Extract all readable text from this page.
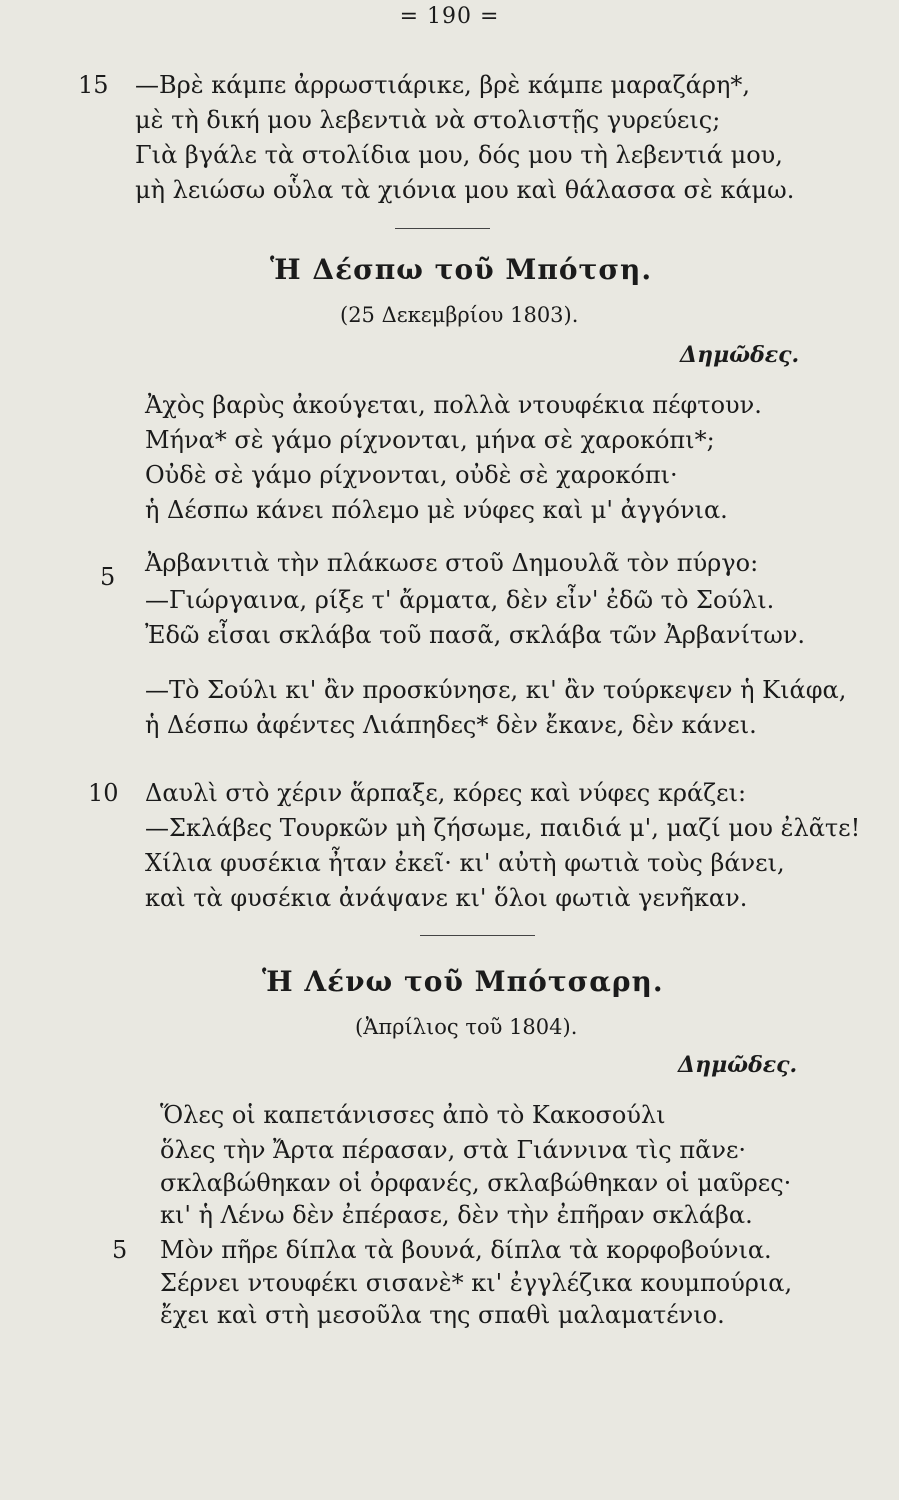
= 190 =
15 —Βρὲ κάμπε ἀρρωστιάρικε, βρὲ κάμπε μαραζάρη*,
μὲ τὴ δική μου λεβεντιὰ νὰ στολιστῇς γυρεύεις;
Γιὰ βγάλε τὰ στολίδια μου, δός μου τὴ λεβεντιά μου,
μὴ λειώσω οὗλα τὰ χιόνια μου καὶ θάλασσα σὲ κάμω.
Ἡ Δέσπω τοῦ Μπότση.
(25 Δεκεμβρίου 1803).
Δημῶδες.
Ἀχὸς βαρὺς ἀκούγεται, πολλὰ ντουφέκια πέφτουν.
Μήνα* σὲ γάμο ρίχνονται, μήνα σὲ χαροκόπι*;
Οὐδὲ σὲ γάμο ρίχνονται, οὐδὲ σὲ χαροκόπι·
ἡ Δέσπω κάνει πόλεμο μὲ νύφες καὶ μ' ἀγγόνια.
5 Ἀρβανιτιὰ τὴν πλάκωσε στοῦ Δημουλᾶ τὸν πύργο:
—Γιώργαινα, ρίξε τ' ἄρματα, δὲν εἶν' ἐδῶ τὸ Σούλι.
Ἐδῶ εἶσαι σκλάβα τοῦ πασᾶ, σκλάβα τῶν Ἀρβανίτων.
—Τὸ Σούλι κι' ἂν προσκύνησε, κι' ἂν τούρκεψεν ἡ Κιάφα,
ἡ Δέσπω ἀφέντες Λιάπηδες* δὲν ἔκανε, δὲν κάνει.
10 Δαυλὶ στὸ χέριν ἅρπαξε, κόρες καὶ νύφες κράζει:
—Σκλάβες Τουρκῶν μὴ ζήσωμε, παιδιά μ', μαζί μου ἐλᾶτε!
Χίλια φυσέκια ἦταν ἐκεῖ· κι' αὐτὴ φωτιὰ τοὺς βάνει,
καὶ τὰ φυσέκια ἀνάψανε κι' ὅλοι φωτιὰ γενῆκαν.
Ἡ Λένω τοῦ Μπότσαρη.
(Ἀπρίλιος τοῦ 1804).
Δημῶδες.
Ὅλες οἱ καπετάνισσες ἀπὸ τὸ Κακοσούλι
ὅλες τὴν Ἄρτα πέρασαν, στὰ Γιάννινα τὶς πᾶνε·
σκλαβώθηκαν οἱ ὀρφανές, σκλαβώθηκαν οἱ μαῦρες·
κι' ἡ Λένω δὲν ἐπέρασε, δὲν τὴν ἐπῆραν σκλάβα.
5 Μὸν πῆρε δίπλα τὰ βουνά, δίπλα τὰ κορφοβούνια.
Σέρνει ντουφέκι σισανὲ* κι' ἐγγλέζικα κουμπούρια,
ἔχει καὶ στὴ μεσοῦλα της σπαθὶ μαλαματένιο.
